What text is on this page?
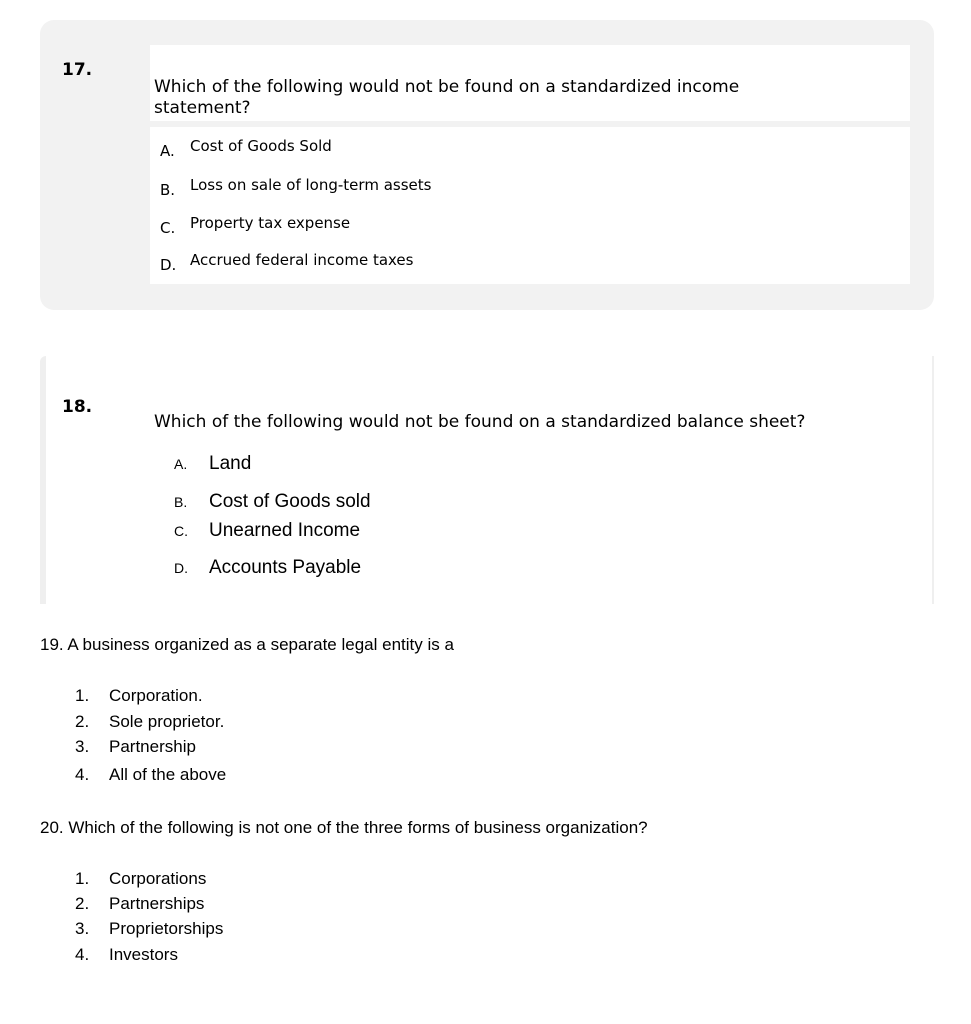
17.
Which of the following would not be found on a standardized income
statement?
A. Cost of Goods Sold
B. Loss on sale of long-term assets
C. Property tax expense
D. Accrued federal income taxes
18.
Which of the following would not be found on a standardized balance sheet?
A. Land
B. Cost of Goods sold
C. Unearned Income
D. Accounts Payable
19. A business organized as a separate legal entity is a
1. Corporation.
2. Sole proprietor.
3. Partnership
4. All of the above
20. Which of the following is not one of the three forms of business organization?
1. Corporations
2. Partnerships
3. Proprietorships
4. Investors
